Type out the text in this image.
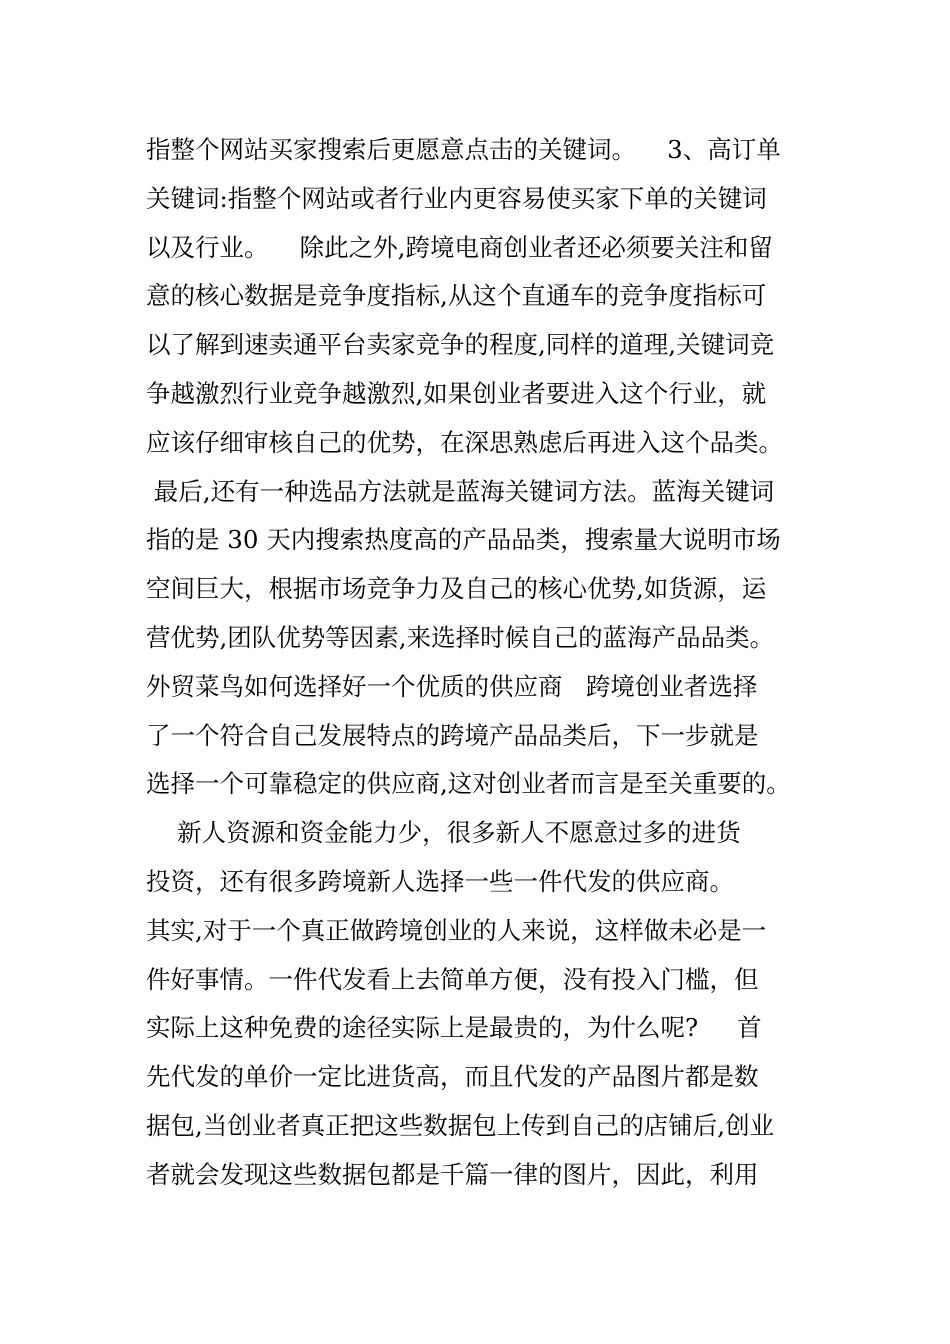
指整个网站买家搜索后更愿意点击的关键词。    3、高订单
关键词:指整个网站或者行业内更容易使买家下单的关键词
以及行业。    除此之外,跨境电商创业者还必须要关注和留
意的核心数据是竞争度指标,从这个直通车的竞争度指标可
以了解到速卖通平台卖家竞争的程度,同样的道理,关键词竞
争越激烈行业竞争越激烈,如果创业者要进入这个行业，就
应该仔细审核自己的优势，在深思熟虑后再进入这个品类。
最后,还有一种选品方法就是蓝海关键词方法。蓝海关键词
指的是 30 天内搜索热度高的产品品类，搜索量大说明市场
空间巨大，根据市场竞争力及自己的核心优势,如货源，运
营优势,团队优势等因素,来选择时候自己的蓝海产品品类。
外贸菜鸟如何选择好一个优质的供应商   跨境创业者选择
了一个符合自己发展特点的跨境产品品类后，下一步就是
选择一个可靠稳定的供应商,这对创业者而言是至关重要的。
新人资源和资金能力少，很多新人不愿意过多的进货
投资，还有很多跨境新人选择一些一件代发的供应商。
其实,对于一个真正做跨境创业的人来说，这样做未必是一
件好事情。一件代发看上去简单方便，没有投入门槛，但
实际上这种免费的途径实际上是最贵的，为什么呢?     首
先代发的单价一定比进货高，而且代发的产品图片都是数
据包,当创业者真正把这些数据包上传到自己的店铺后,创业
者就会发现这些数据包都是千篇一律的图片，因此，利用
